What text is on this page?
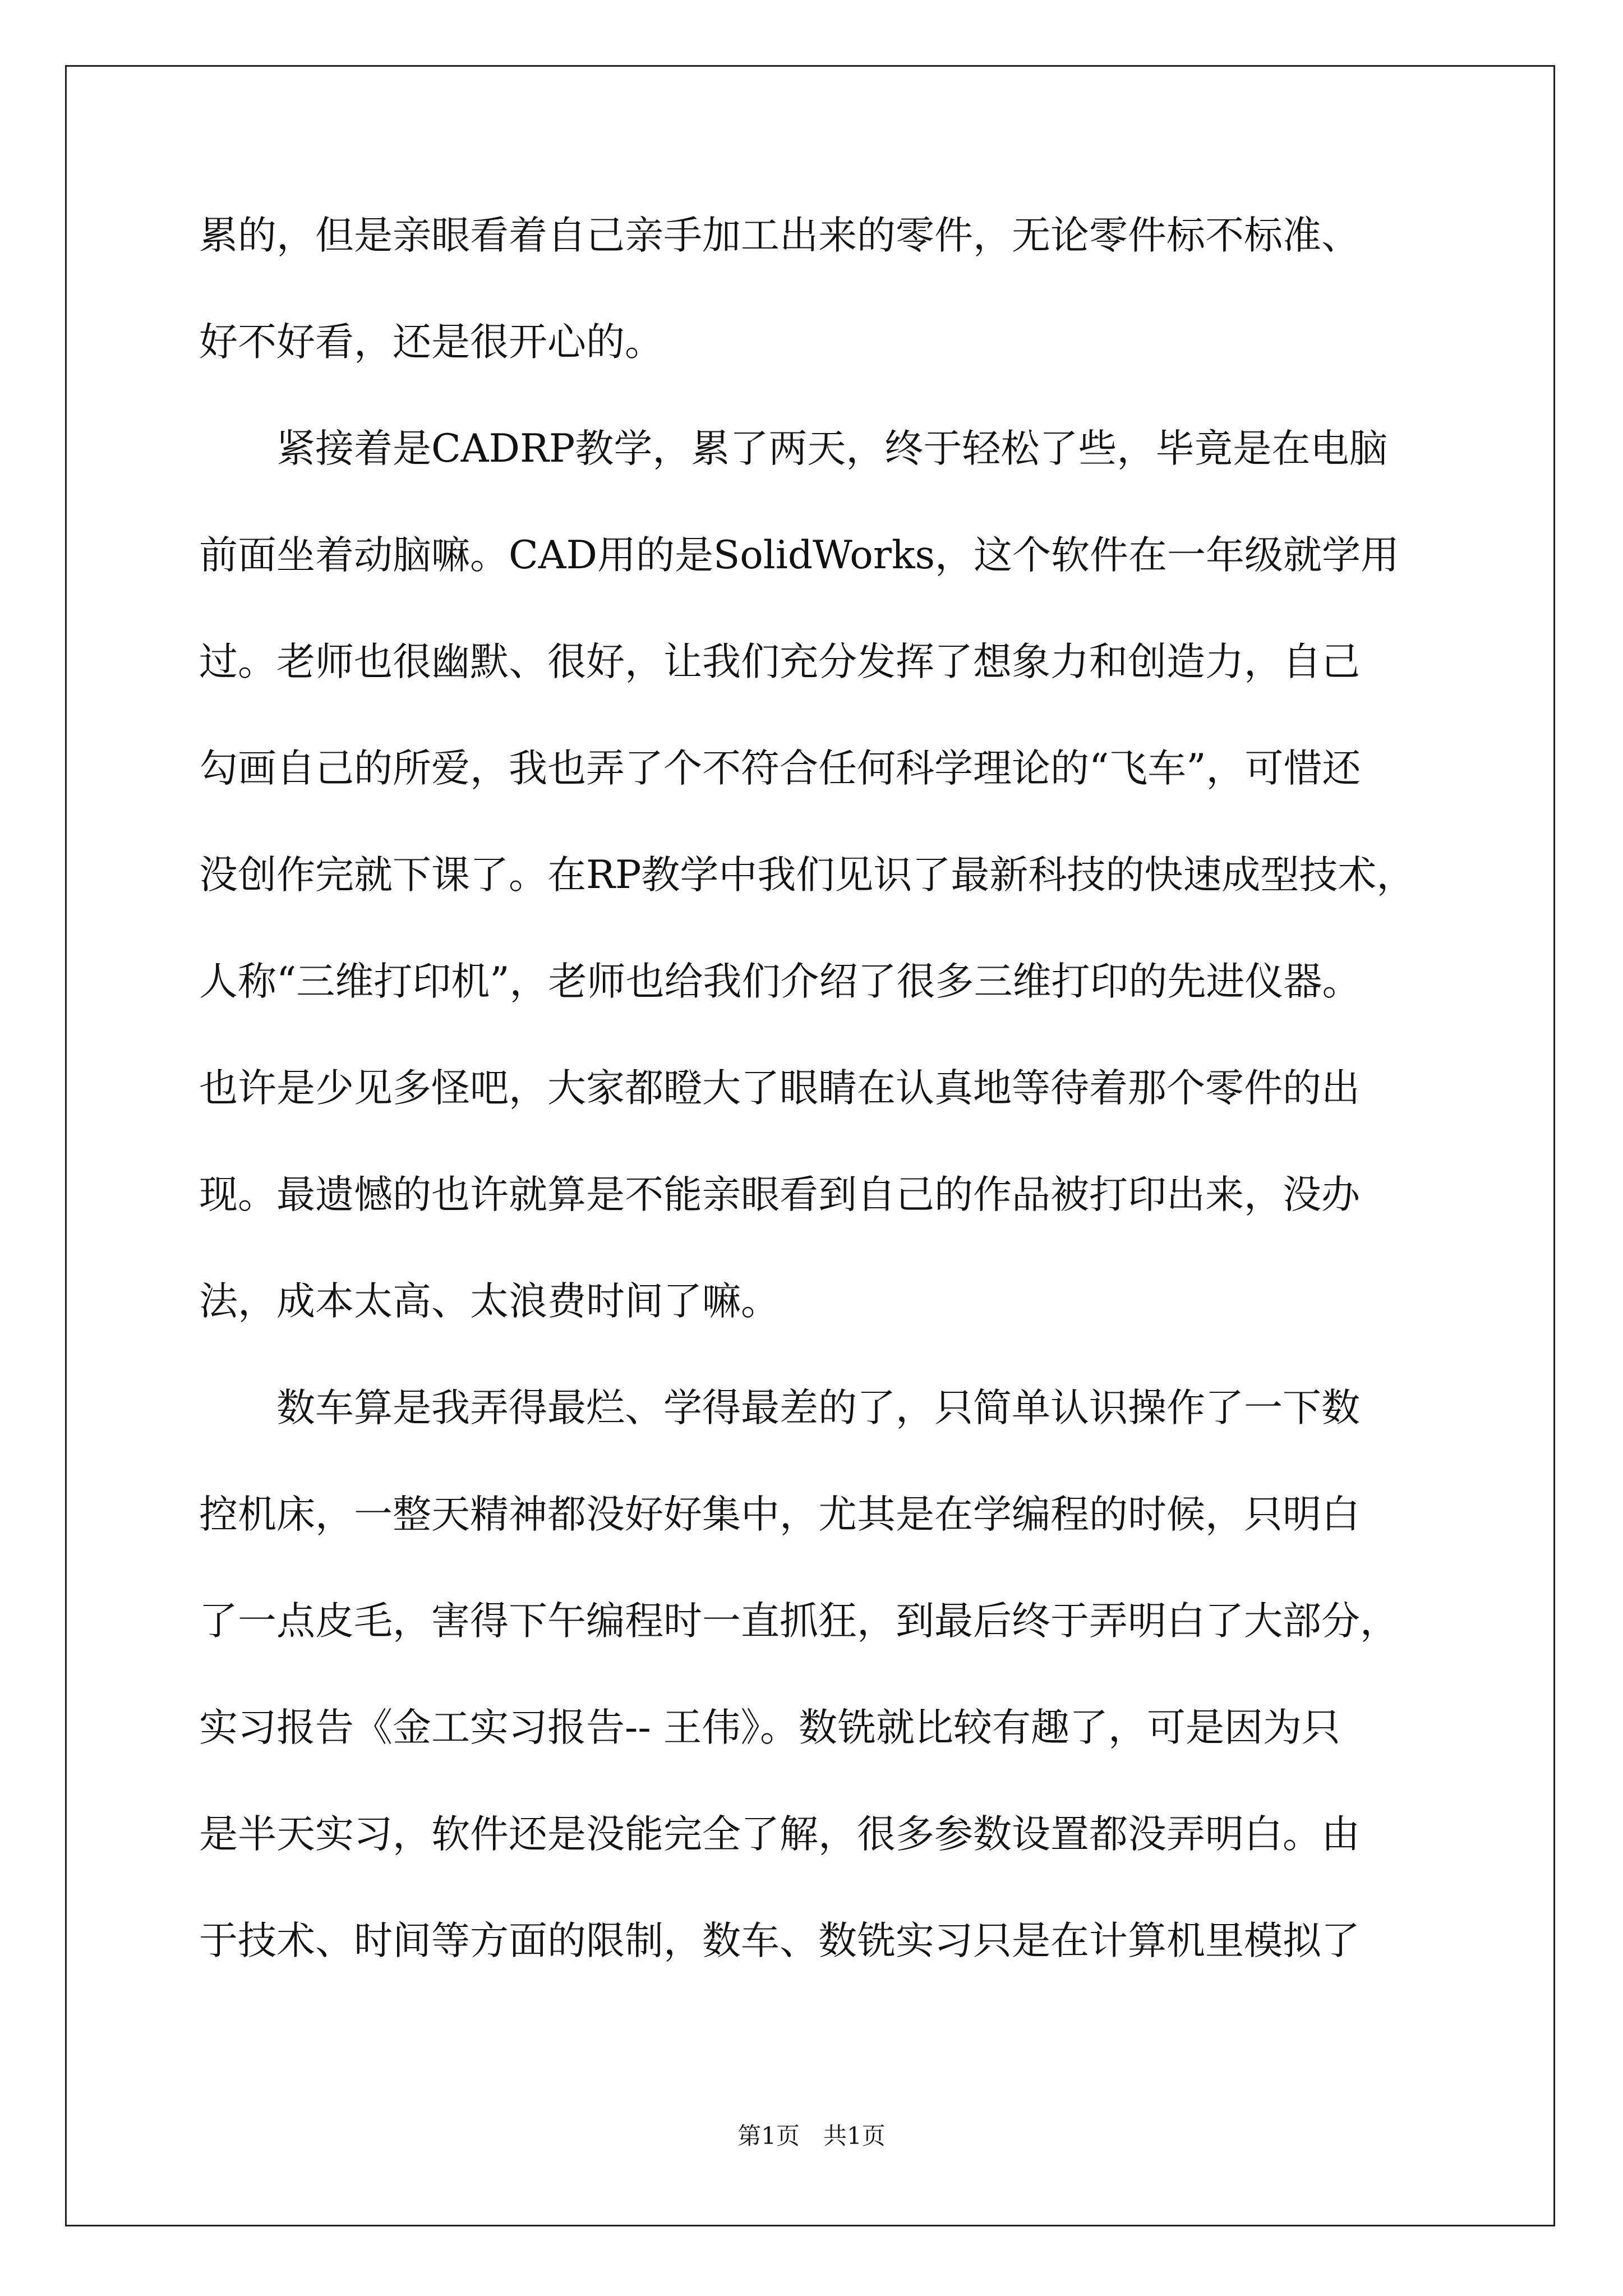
累的，但是亲眼看着自己亲手加工出来的零件，无论零件标不标准、
好不好看，还是很开心的。
　　紧接着是CADRP教学，累了两天，终于轻松了些，毕竟是在电脑
前面坐着动脑嘛。CAD用的是SolidWorks，这个软件在一年级就学用
过。老师也很幽默、很好，让我们充分发挥了想象力和创造力，自己
勾画自己的所爱，我也弄了个不符合任何科学理论的“飞车”，可惜还
没创作完就下课了。在RP教学中我们见识了最新科技的快速成型技术，
人称“三维打印机”，老师也给我们介绍了很多三维打印的先进仪器。
也许是少见多怪吧，大家都瞪大了眼睛在认真地等待着那个零件的出
现。最遗憾的也许就算是不能亲眼看到自己的作品被打印出来，没办
法，成本太高、太浪费时间了嘛。
　　数车算是我弄得最烂、学得最差的了，只简单认识操作了一下数
控机床，一整天精神都没好好集中，尤其是在学编程的时候，只明白
了一点皮毛，害得下午编程时一直抓狂，到最后终于弄明白了大部分，
实习报告《金工实习报告-- 王伟》。数铣就比较有趣了，可是因为只
是半天实习，软件还是没能完全了解，很多参数设置都没弄明白。由
于技术、时间等方面的限制，数车、数铣实习只是在计算机里模拟了
第1页　共1页
